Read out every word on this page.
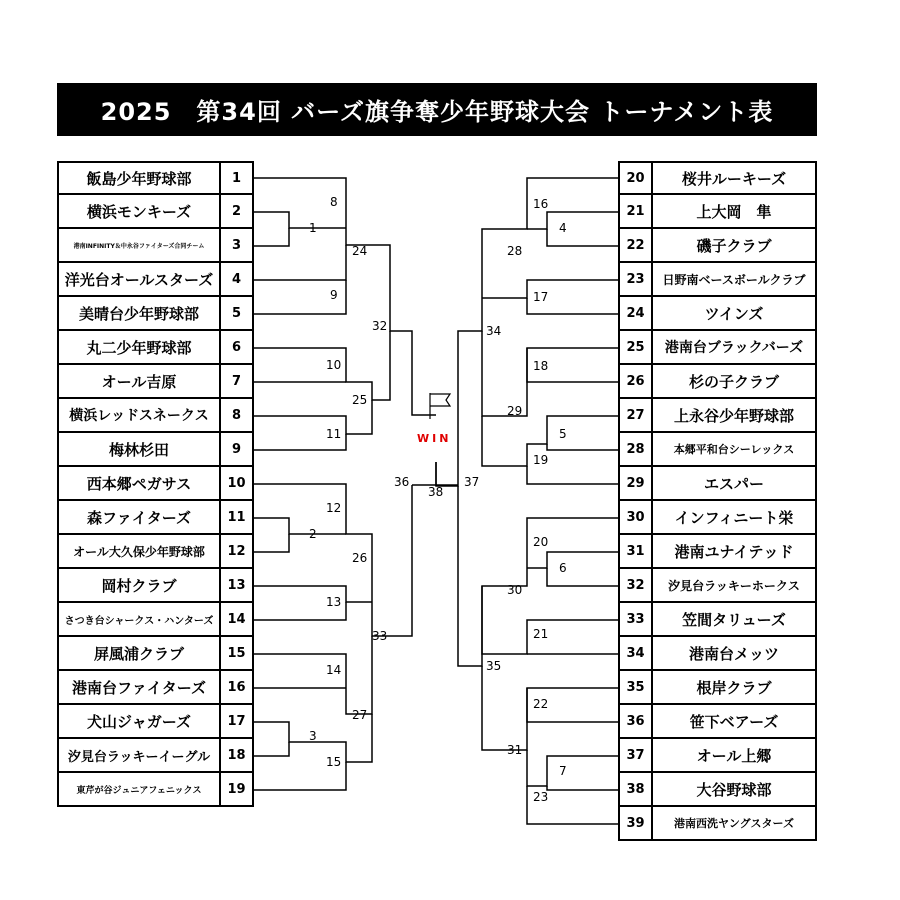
2025　第34回 バーズ旗争奪少年野球大会 トーナメント表
WIN
飯島少年野球部	1
横浜モンキーズ	2
港南INFINITY＆中永谷ファイターズ合同チーム	3
洋光台オールスターズ	4
美晴台少年野球部	5
丸二少年野球部	6
オール吉原	7
横浜レッドスネークス	8
梅林杉田	9
西本郷ペガサス	10
森ファイターズ	11
オール大久保少年野球部	12
岡村クラブ	13
さつき台シャークス・ハンターズ	14
屏風浦クラブ	15
港南台ファイターズ	16
犬山ジャガーズ	17
汐見台ラッキーイーグル	18
東芹が谷ジュニアフェニックス	19
20	桜井ルーキーズ
21	上大岡　隼
22	磯子クラブ
23	日野南ベースボールクラブ
24	ツインズ
25	港南台ブラックバーズ
26	杉の子クラブ
27	上永谷少年野球部
28	本郷平和台シーレックス
29	エスパー
30	インフィニート栄
31	港南ユナイテッド
32	汐見台ラッキーホークス
33	笠間タリューズ
34	港南台メッツ
35	根岸クラブ
36	笹下ベアーズ
37	オール上郷
38	大谷野球部
39	港南西洗ヤングスターズ
1
2
3
8
9
10
11
12
13
14
15
24
25
26
27
32
33
36
4
5
6
7
16
17
18
19
20
21
22
23
28
29
30
31
34
35
37
38
